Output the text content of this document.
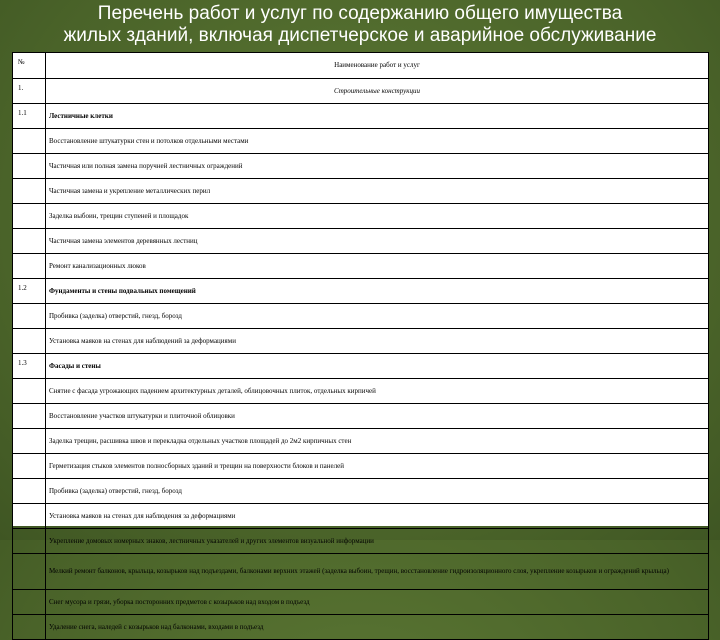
Перечень работ и услуг по содержанию общего имущества
жилых зданий, включая диспетчерское и аварийное обслуживание
№	Наименование работ и услуг
1.	Строительные конструкции
1.1	Лестничные клетки
	Восстановление штукатурки стен и потолков отдельными местами
	Частичная или полная замена поручней лестничных ограждений
	Частичная замена и укрепление металлических перил
	Заделка выбоин, трещин ступеней и площадок
	Частичная замена элементов деревянных лестниц
	Ремонт канализационных люков
1.2	Фундаменты и стены подвальных помещений
	Пробивка (заделка) отверстий, гнезд, борозд
	Установка маяков на стенах для наблюдений за деформациями
1.3	Фасады и стены
	Снятие с фасада угрожающих падением архитектурных деталей, облицовочных плиток, отдельных кирпичей
	Восстановление участков штукатурки и плиточной облицовки
	Заделка трещин, расшивка швов и перекладка отдельных участков площадей до 2м2 кирпичных стен
	Герметизация стыков элементов полносборных зданий и трещин на поверхности блоков и панелей
	Пробивка (заделка) отверстий, гнезд, борозд
	Установка маяков на стенах для наблюдения за деформациями
	Укрепление домовых номерных знаков, лестничных указателей и других элементов визуальной информации
	Мелкий ремонт балконов, крыльца, козырьков над подъездами, балконами верхних этажей (заделка выбоин, трещин, восстановление гидроизоляционного слоя, укрепление козырьков и ограждений крыльца)
	Снег мусора и грязи, уборка посторонних предметов с козырьков над входом в подъезд
	Удаление снега, наледей с козырьков над балконами, входами в подъезд
